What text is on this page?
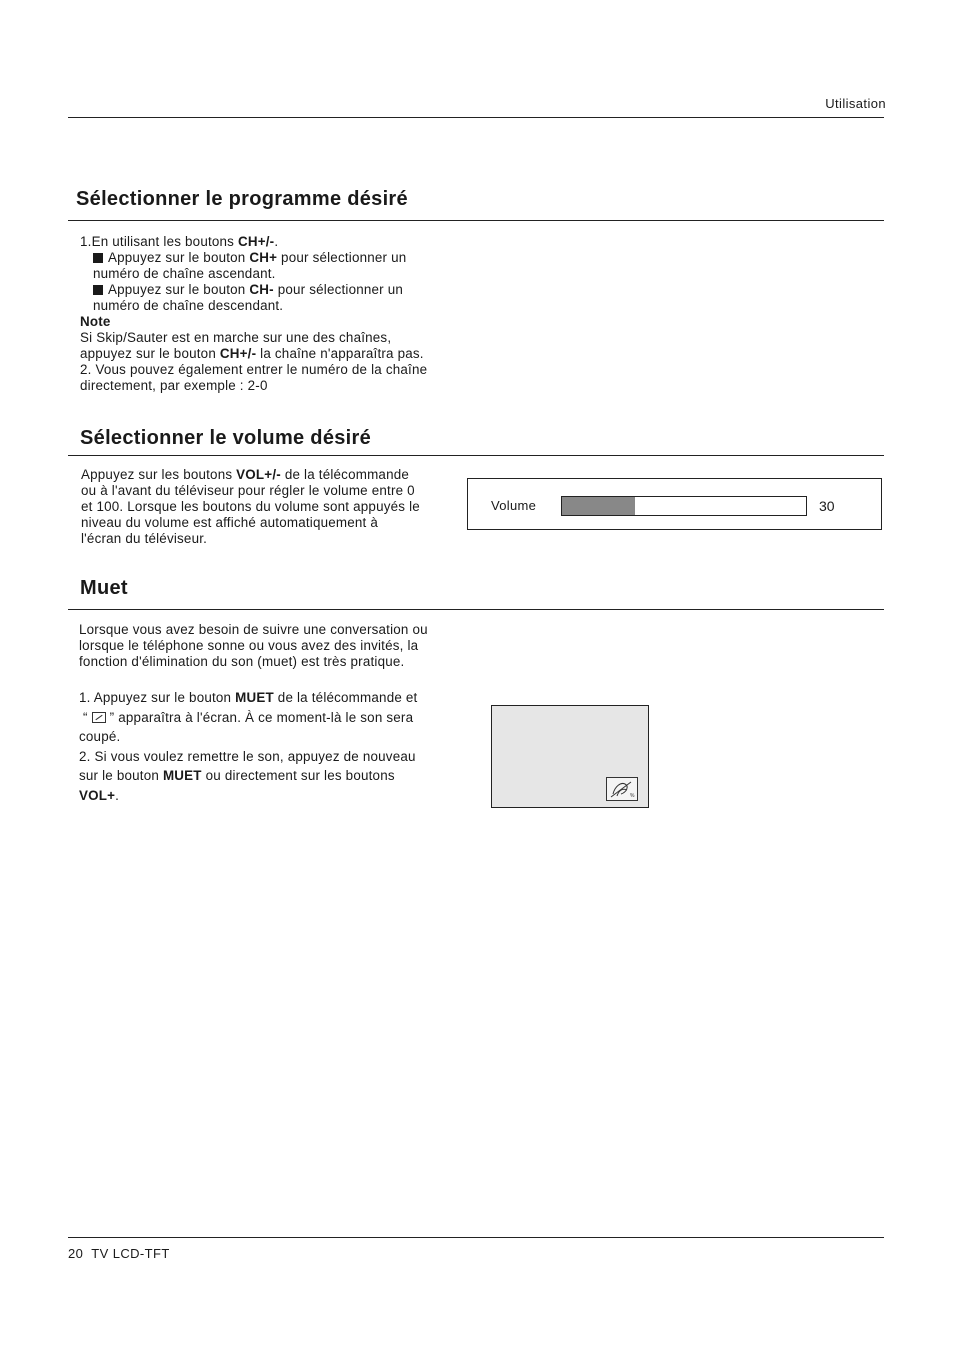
Utilisation
Sélectionner le programme désiré

1.En utilisant les boutons CH+/-.

Appuyez sur le bouton CH+ pour sélectionner un

numéro de chaîne ascendant.

Appuyez sur le bouton CH- pour sélectionner un

numéro de chaîne descendant.

Note

Si Skip/Sauter est en marche sur une des chaînes,

appuyez sur le bouton CH+/- la chaîne n'apparaîtra pas.

2. Vous pouvez également entrer le numéro de la chaîne

directement, par exemple : 2-0

Sélectionner le volume désiré

Appuyez sur les boutons VOL+/- de la télécommande

ou à l'avant du téléviseur pour régler le volume entre 0

et 100. Lorsque les boutons du volume sont appuyés le

niveau du volume est affiché automatiquement à

l'écran du téléviseur.

Volume	30
Muet

Lorsque vous avez besoin de suivre une conversation ou

lorsque le téléphone sonne ou vous avez des invités, la

fonction d'élimination du son (muet) est très pratique.

1. Appuyez sur le bouton MUET de la télécommande et

“ ” apparaîtra à l'écran. À ce moment-là le son sera

coupé.

2. Si vous voulez remettre le son, appuyez de nouveau

sur le bouton MUET ou directement sur les boutons

VOL+.	%
20 TV LCD-TFT
